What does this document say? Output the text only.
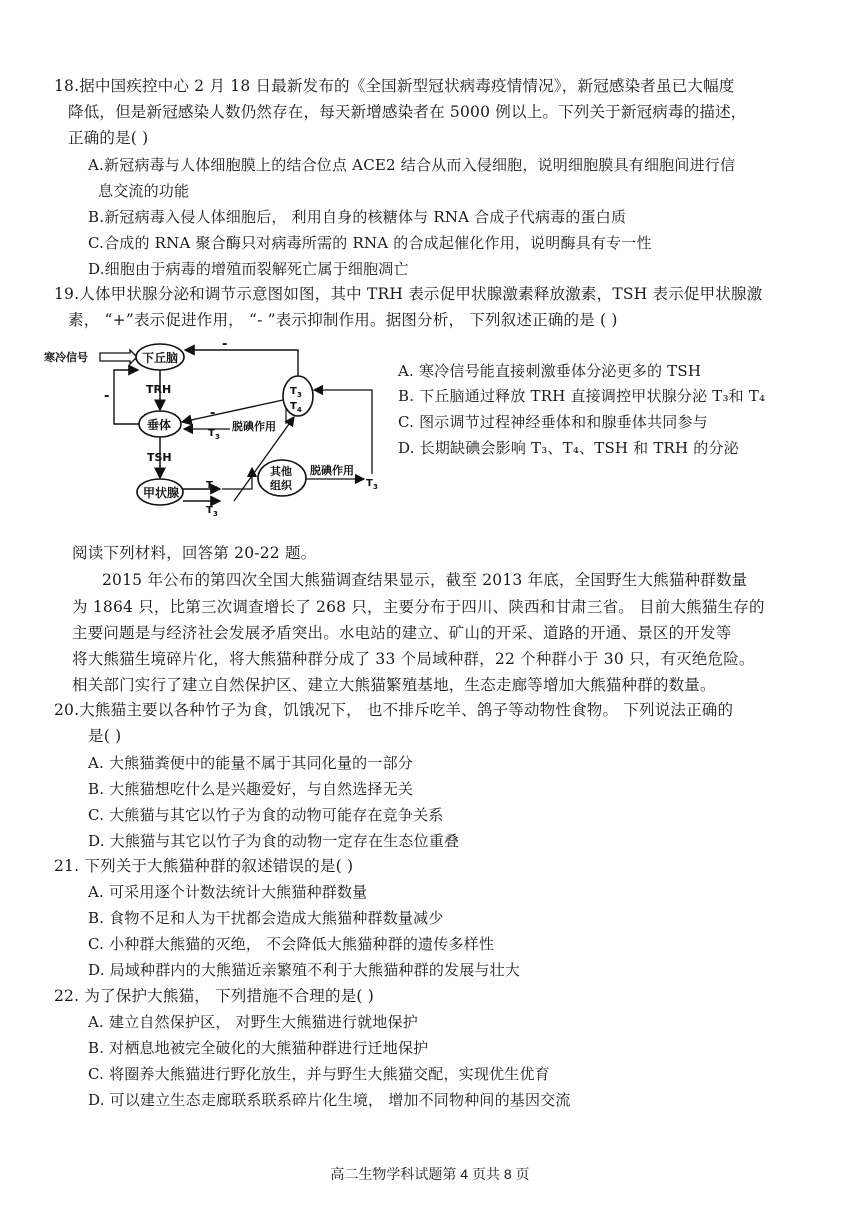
18.据中国疾控中心 2 月 18 日最新发布的《全国新型冠状病毒疫情情况》，新冠感染者虽已大幅度
降低，但是新冠感染人数仍然存在，每天新增感染者在 5000 例以上。下列关于新冠病毒的描述，
正确的是( )
A.新冠病毒与人体细胞膜上的结合位点 ACE2 结合从而入侵细胞，说明细胞膜具有细胞间进行信
息交流的功能
B.新冠病毒入侵人体细胞后， 利用自身的核糖体与 RNA 合成子代病毒的蛋白质
C.合成的 RNA 聚合酶只对病毒所需的 RNA 的合成起催化作用，说明酶具有专一性
D.细胞由于病毒的增殖而裂解死亡属于细胞凋亡
19.人体甲状腺分泌和调节示意图如图，其中 TRH 表示促甲状腺激素释放激素，TSH 表示促甲状腺激
素， “+”表示促进作用， “- ”表示抑制作用。据图分析， 下列叙述正确的是 ( )
寒冷信号	下丘脑
TRH
垂体
TSH
甲状腺
-	T 3
T 4
-
-
T 3
脱碘作用
T 4
T 3
其他
组织
脱碘作用
T 3
A. 寒冷信号能直接刺激垂体分泌更多的 TSH
B. 下丘脑通过释放 TRH 直接调控甲状腺分泌 T₃和 T₄
C. 图示调节过程神经垂体和和腺垂体共同参与
D. 长期缺碘会影响 T₃、T₄、TSH 和 TRH 的分泌
阅读下列材料，回答第 20-22 题。
2015 年公布的第四次全国大熊猫调查结果显示，截至 2013 年底，全国野生大熊猫种群数量
为 1864 只，比第三次调查增长了 268 只，主要分布于四川、陕西和甘肃三省。 目前大熊猫生存的
主要问题是与经济社会发展矛盾突出。水电站的建立、矿山的开采、道路的开通、景区的开发等
将大熊猫生境碎片化，将大熊猫种群分成了 33 个局域种群，22 个种群小于 30 只，有灭绝危险。
相关部门实行了建立自然保护区、建立大熊猫繁殖基地，生态走廊等增加大熊猫种群的数量。
20.大熊猫主要以各种竹子为食，饥饿况下， 也不排斥吃羊、鸽子等动物性食物。 下列说法正确的
是( )
A. 大熊猫粪便中的能量不属于其同化量的一部分
B. 大熊猫想吃什么是兴趣爱好，与自然选择无关
C. 大熊猫与其它以竹子为食的动物可能存在竞争关系
D. 大熊猫与其它以竹子为食的动物一定存在生态位重叠
21. 下列关于大熊猫种群的叙述错误的是( )
A. 可采用逐个计数法统计大熊猫种群数量
B. 食物不足和人为干扰都会造成大熊猫种群数量减少
C. 小种群大熊猫的灭绝， 不会降低大熊猫种群的遗传多样性
D. 局域种群内的大熊猫近亲繁殖不利于大熊猫种群的发展与壮大
22. 为了保护大熊猫， 下列措施不合理的是( )
A. 建立自然保护区， 对野生大熊猫进行就地保护
B. 对栖息地被完全破化的大熊猫种群进行迁地保护
C. 将圈养大熊猫进行野化放生，并与野生大熊猫交配，实现优生优育
D. 可以建立生态走廊联系联系碎片化生境， 增加不同物种间的基因交流
高二生物学科试题第 4 页共 8 页
